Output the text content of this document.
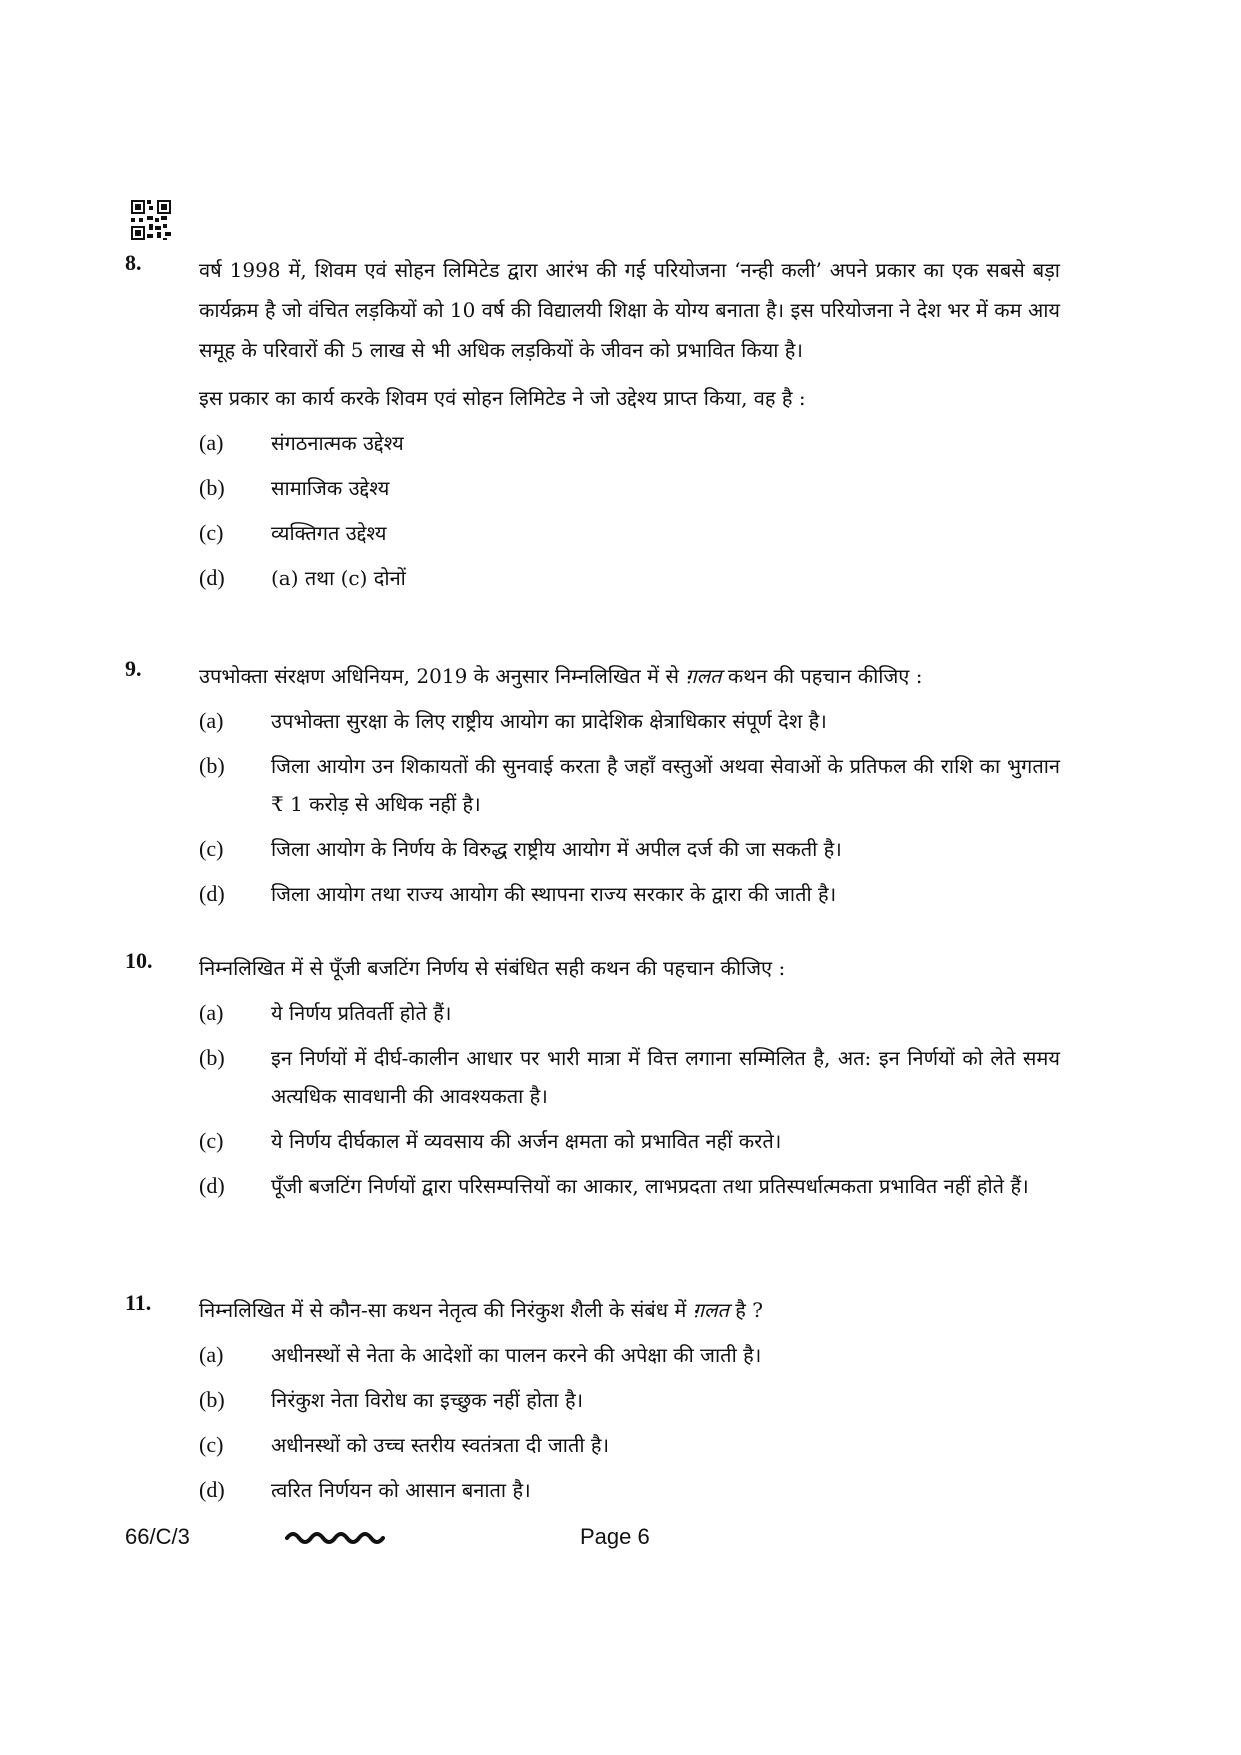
8.	वर्ष 1998 में, शिवम एवं सोहन लिमिटेड द्वारा आरंभ की गई परियोजना ‘नन्ही कली’ अपने प्रकार का एक सबसे बड़ा कार्यक्रम है जो वंचित लड़कियों को 10 वर्ष की विद्यालयी शिक्षा के योग्य बनाता है। इस परियोजना ने देश भर में कम आय समूह के परिवारों की 5 लाख से भी अधिक लड़कियों के जीवन को प्रभावित किया है।
इस प्रकार का कार्य करके शिवम एवं सोहन लिमिटेड ने जो उद्देश्य प्राप्त किया, वह है :
(a)	संगठनात्मक उद्देश्य
(b)	सामाजिक उद्देश्य
(c)	व्यक्तिगत उद्देश्य
(d)	(a) तथा (c) दोनों
9.	उपभोक्ता संरक्षण अधिनियम, 2019 के अनुसार निम्नलिखित में से ग़लत कथन की पहचान कीजिए :
(a)	उपभोक्ता सुरक्षा के लिए राष्ट्रीय आयोग का प्रादेशिक क्षेत्राधिकार संपूर्ण देश है।
(b)	जिला आयोग उन शिकायतों की सुनवाई करता है जहाँ वस्तुओं अथवा सेवाओं के प्रतिफल की राशि का भुगतान ₹ 1 करोड़ से अधिक नहीं है।
(c)	जिला आयोग के निर्णय के विरुद्ध राष्ट्रीय आयोग में अपील दर्ज की जा सकती है।
(d)	जिला आयोग तथा राज्य आयोग की स्थापना राज्य सरकार के द्वारा की जाती है।
10. निम्नलिखित में से पूँजी बजटिंग निर्णय से संबंधित सही कथन की पहचान कीजिए :
(a)	ये निर्णय प्रतिवर्ती होते हैं।
(b)	इन निर्णयों में दीर्घ-कालीन आधार पर भारी मात्रा में वित्त लगाना सम्मिलित है, अत: इन निर्णयों को लेते समय अत्यधिक सावधानी की आवश्यकता है।
(c)	ये निर्णय दीर्घकाल में व्यवसाय की अर्जन क्षमता को प्रभावित नहीं करते।
(d)	पूँजी बजटिंग निर्णयों द्वारा परिसम्पत्तियों का आकार, लाभप्रदता तथा प्रतिस्पर्धात्मकता प्रभावित नहीं होते हैं।
11. निम्नलिखित में से कौन-सा कथन नेतृत्व की निरंकुश शैली के संबंध में ग़लत है ?
(a)	अधीनस्थों से नेता के आदेशों का पालन करने की अपेक्षा की जाती है।
(b)	निरंकुश नेता विरोध का इच्छुक नहीं होता है।
(c)	अधीनस्थों को उच्च स्तरीय स्वतंत्रता दी जाती है।
(d)	त्वरित निर्णयन को आसान बनाता है।
66/C/3	Page 6
